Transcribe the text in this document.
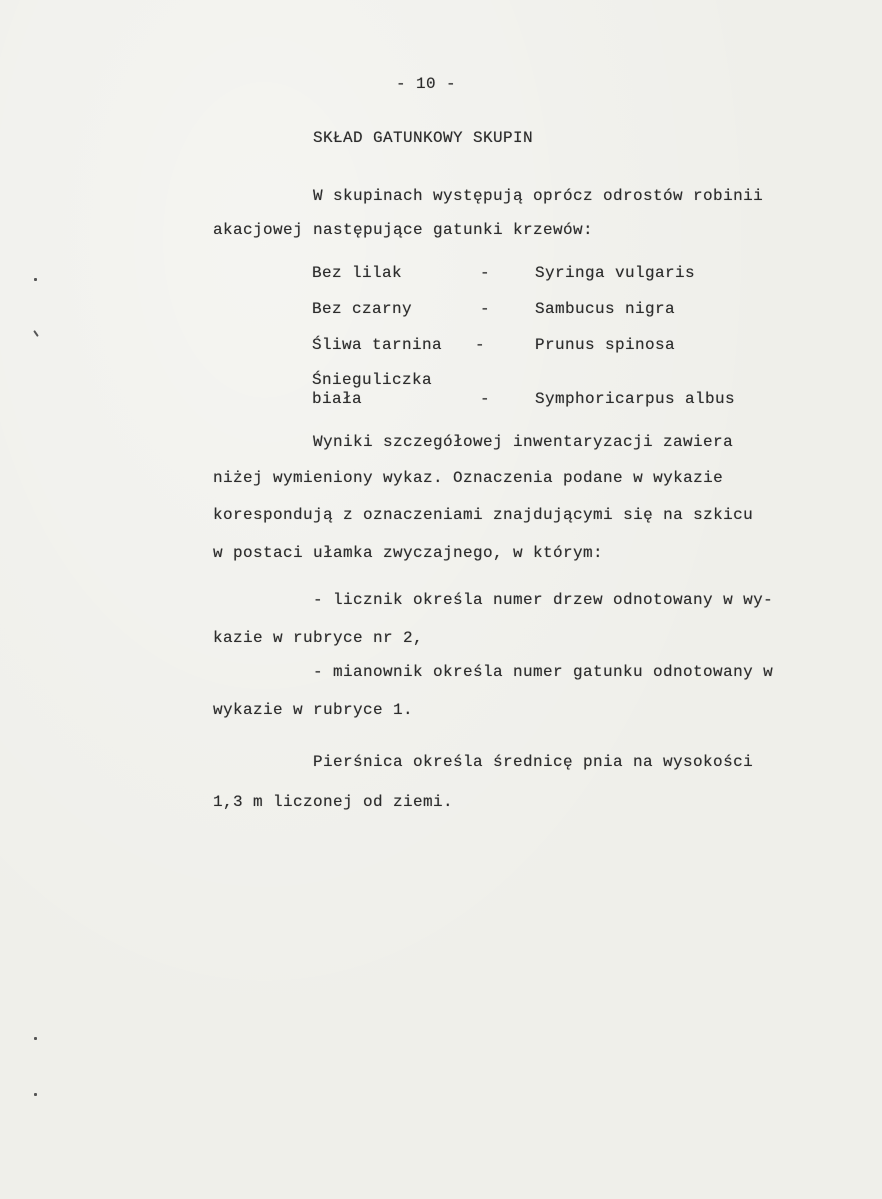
- 10 -
SKŁAD GATUNKOWY SKUPIN
W skupinach występują oprócz odrostów robinii
akacjowej następujące gatunki krzewów:
Bez lilak	-	Syringa vulgaris
Bez czarny	-	Sambucus nigra
Śliwa tarnina -	Prunus spinosa
Śnieguliczka
biała	-	Symphoricarpus albus
Wyniki szczegółowej inwentaryzacji zawiera
niżej wymieniony wykaz. Oznaczenia podane w wykazie
korespondują z oznaczeniami znajdującymi się na szkicu
w postaci ułamka zwyczajnego, w którym:
- licznik określa numer drzew odnotowany w wy-
kazie w rubryce nr 2,
- mianownik określa numer gatunku odnotowany w
wykazie w rubryce 1.
Pierśnica określa średnicę pnia na wysokości
1,3 m liczonej od ziemi.
